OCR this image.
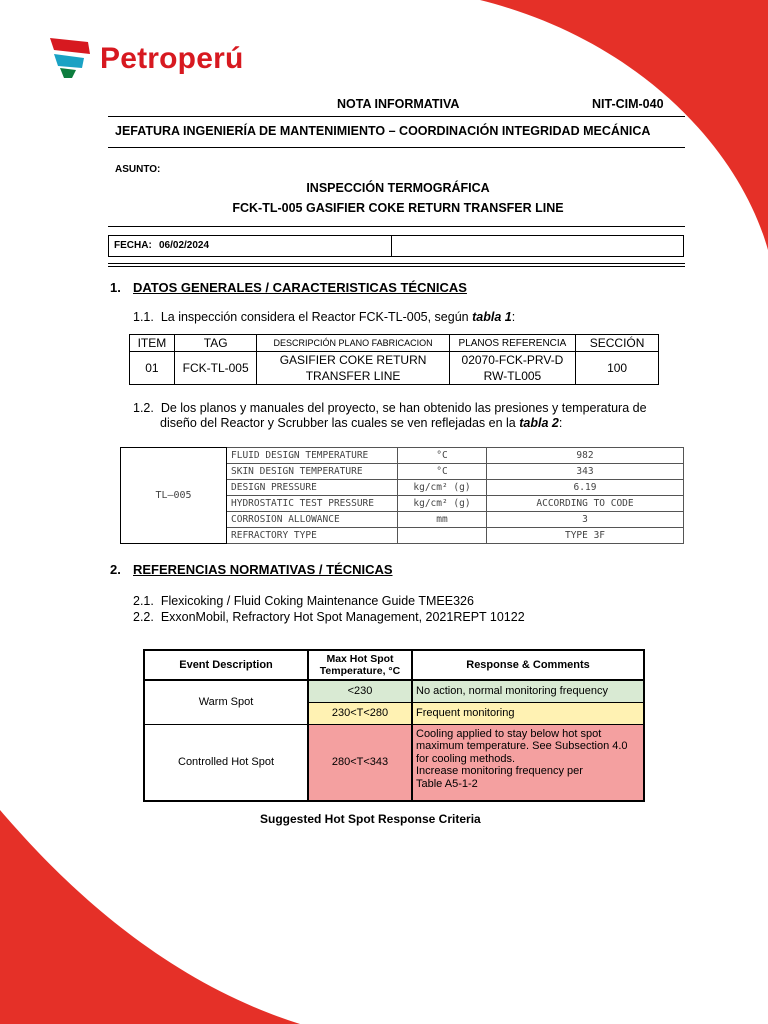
Petroperú
NOTA INFORMATIVA	NIT-CIM-040
JEFATURA INGENIERÍA DE MANTENIMIENTO – COORDINACIÓN INTEGRIDAD MECÁNICA
ASUNTO:
INSPECCIÓN TERMOGRÁFICA
FCK-TL-005 GASIFIER COKE RETURN TRANSFER LINE
FECHA: 06/02/2024
1. DATOS GENERALES / CARACTERISTICAS TÉCNICAS
1.1. La inspección considera el Reactor FCK-TL-005, según tabla 1:
ITEM	TAG	DESCRIPCIÓN PLANO FABRICACION	PLANOS REFERENCIA	SECCIÓN
01	FCK-TL-005	GASIFIER COKE RETURN TRANSFER LINE	02070-FCK-PRV-DRW-TL005	100
1.2. De los planos y manuales del proyecto, se han obtenido las presiones y temperatura de
diseño del Reactor y Scrubber las cuales se ven reflejadas en la tabla 2:
TL–005	FLUID DESIGN TEMPERATURE	°C	982
	SKIN DESIGN TEMPERATURE	°C	343
	DESIGN PRESSURE	kg/cm² (g)	6.19
	HYDROSTATIC TEST PRESSURE	kg/cm² (g)	ACCORDING TO CODE
	CORROSION ALLOWANCE	mm	3
	REFRACTORY TYPE		TYPE 3F
2. REFERENCIAS NORMATIVAS / TÉCNICAS
2.1. Flexicoking / Fluid Coking Maintenance Guide TMEE326
2.2. ExxonMobil, Refractory Hot Spot Management, 2021REPT 10122
Event Description	Max Hot Spot Temperature, °C	Response & Comments
Warm Spot	<230	No action, normal monitoring frequency
	230<T<280	Frequent monitoring
Controlled Hot Spot	280<T<343	Cooling applied to stay below hot spot
maximum temperature. See Subsection 4.0
for cooling methods.
Increase monitoring frequency per
Table A5-1-2
Suggested Hot Spot Response Criteria
